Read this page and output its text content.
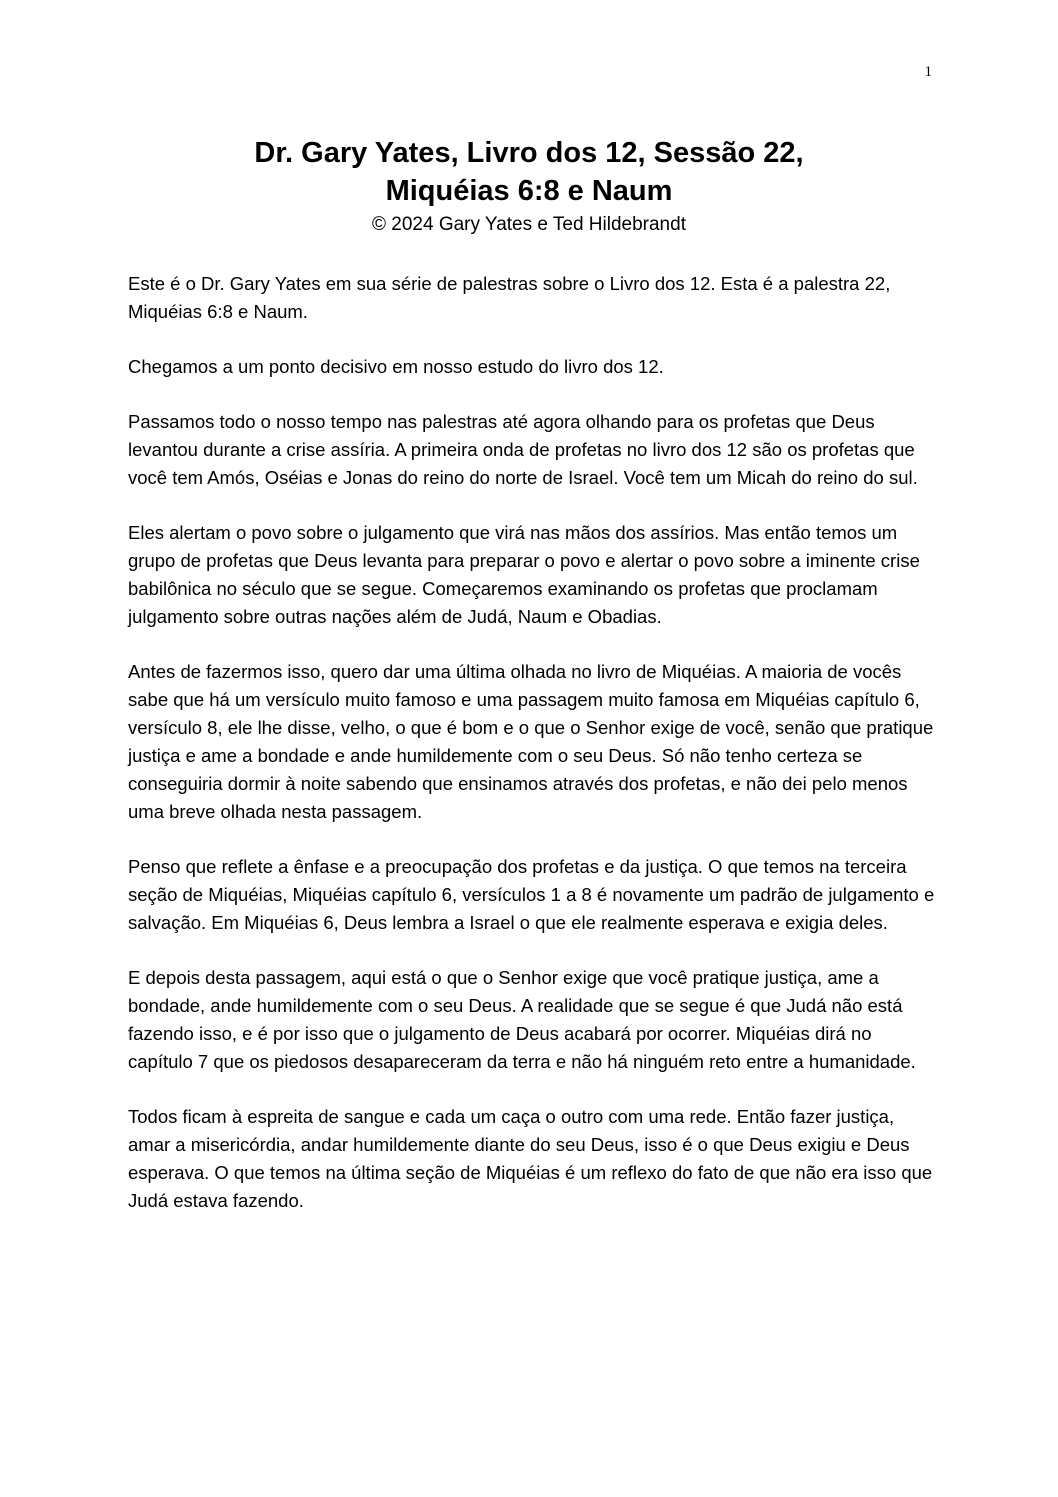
1
Dr. Gary Yates, Livro dos 12, Sessão 22,
Miquéias 6:8 e Naum
© 2024 Gary Yates e Ted Hildebrandt

Este é o Dr. Gary Yates em sua série de palestras sobre o Livro dos 12. Esta é a palestra 22, Miquéias 6:8 e Naum.

Chegamos a um ponto decisivo em nosso estudo do livro dos 12.

Passamos todo o nosso tempo nas palestras até agora olhando para os profetas que Deus levantou durante a crise assíria. A primeira onda de profetas no livro dos 12 são os profetas que você tem Amós, Oséias e Jonas do reino do norte de Israel. Você tem um Micah do reino do sul.

Eles alertam o povo sobre o julgamento que virá nas mãos dos assírios. Mas então temos um grupo de profetas que Deus levanta para preparar o povo e alertar o povo sobre a iminente crise babilônica no século que se segue. Começaremos examinando os profetas que proclamam julgamento sobre outras nações além de Judá, Naum e Obadias.

Antes de fazermos isso, quero dar uma última olhada no livro de Miquéias. A maioria de vocês sabe que há um versículo muito famoso e uma passagem muito famosa em Miquéias capítulo 6, versículo 8, ele lhe disse, velho, o que é bom e o que o Senhor exige de você, senão que pratique justiça e ame a bondade e ande humildemente com o seu Deus. Só não tenho certeza se conseguiria dormir à noite sabendo que ensinamos através dos profetas, e não dei pelo menos uma breve olhada nesta passagem.

Penso que reflete a ênfase e a preocupação dos profetas e da justiça. O que temos na terceira seção de Miquéias, Miquéias capítulo 6, versículos 1 a 8 é novamente um padrão de julgamento e salvação. Em Miquéias 6, Deus lembra a Israel o que ele realmente esperava e exigia deles.

E depois desta passagem, aqui está o que o Senhor exige que você pratique justiça, ame a bondade, ande humildemente com o seu Deus. A realidade que se segue é que Judá não está fazendo isso, e é por isso que o julgamento de Deus acabará por ocorrer. Miquéias dirá no capítulo 7 que os piedosos desapareceram da terra e não há ninguém reto entre a humanidade.

Todos ficam à espreita de sangue e cada um caça o outro com uma rede. Então fazer justiça, amar a misericórdia, andar humildemente diante do seu Deus, isso é o que Deus exigiu e Deus esperava. O que temos na última seção de Miquéias é um reflexo do fato de que não era isso que Judá estava fazendo.
